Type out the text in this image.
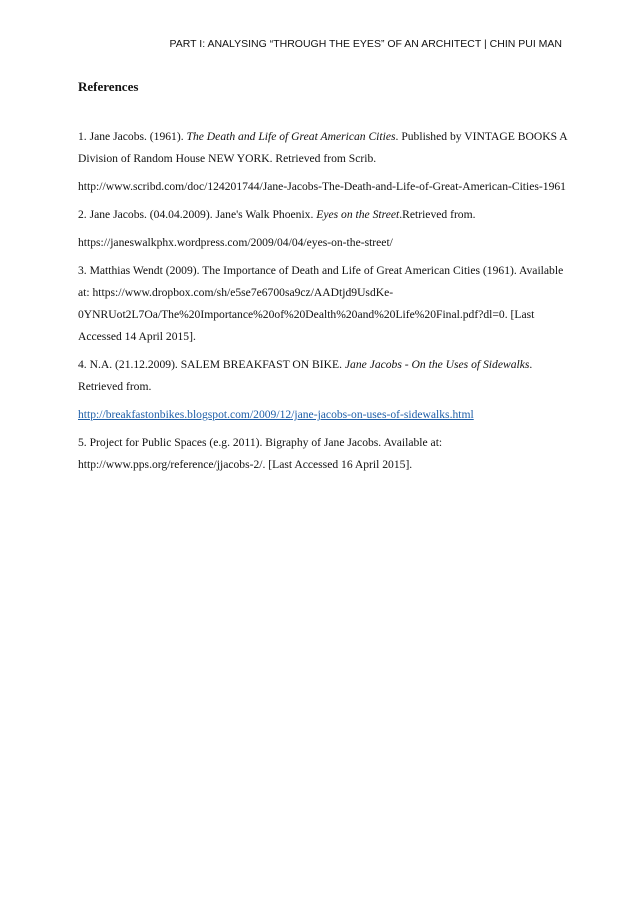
PART I: ANALYSING “THROUGH THE EYES” OF AN ARCHITECT | CHIN PUI MAN
References

1. Jane Jacobs. (1961). The Death and Life of Great American Cities. Published by VINTAGE BOOKS A Division of Random House NEW YORK. Retrieved from Scrib.

http://www.scribd.com/doc/124201744/Jane-Jacobs-The-Death-and-Life-of-Great-American-Cities-1961

2. Jane Jacobs. (04.04.2009). Jane's Walk Phoenix. Eyes on the Street.Retrieved from.

https://janeswalkphx.wordpress.com/2009/04/04/eyes-on-the-street/

3. Matthias Wendt (2009). The Importance of Death and Life of Great American Cities (1961). Available at: https://www.dropbox.com/sh/e5se7e6700sa9cz/AADtjd9UsdKe-0YNRUot2L7Oa/The%20Importance%20of%20Dealth%20and%20Life%20Final.pdf?dl=0. [Last Accessed 14 April 2015].

4. N.A. (21.12.2009). SALEM BREAKFAST ON BIKE. Jane Jacobs - On the Uses of Sidewalks. Retrieved from.

http://breakfastonbikes.blogspot.com/2009/12/jane-jacobs-on-uses-of-sidewalks.html

5. Project for Public Spaces (e.g. 2011). Bigraphy of Jane Jacobs. Available at: http://www.pps.org/reference/jjacobs-2/. [Last Accessed 16 April 2015].
